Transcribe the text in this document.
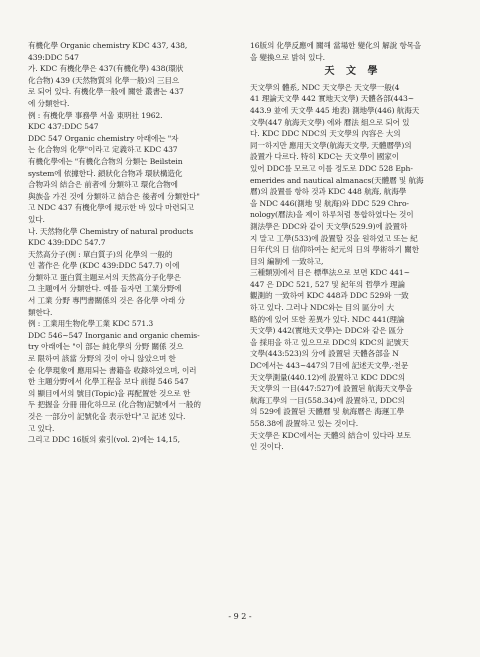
有機化學 Organic chemistry KDC 437, 438,
439:DDC 547
가. KDC 有機化學은 437(有機化學) 438(環狀
化合物) 439 (天然物質의 化學一般)의 三目으
로 되어 있다. 有機化學一般에 關한 叢書는 437
에 分類한다.
例 : 有機化學 事務學 서울 東明社 1962.
KDC 437:DDC 547
DDC 547 Organic chemistry 아래에는 "자
는 化合物의 化學"이라고 定義하고 KDC 437
有機化學에는 "有機化合物의 分類는 Beilstein
system에 依據한다. 鎖狀化合物과 環狀構造化
合物과의 結合은 前者에 分類하고 環化合物에
與族을 가진 것에 分類하고 結合은 後者에 分類한다"
고 NDC 437 有機化學에 規示한 바 있다 마련되고
있다.
나. 天然物化學 Chemistry of natural products
KDC 439:DDC 547.7
天然高分子(例 : 單白質子)의 化學의 一般的
인 著作은 化學 (KDC 439:DDC 547.7) 이에
分類하고 蛋白質主題로서의 天然高分子化學은
그 主題에서 分類한다. 예를 들자면 工業分野에
서 工業 分野 專門書關係의 것은 各化學 아래 分
類한다.
例 : 工業用生物化學工業 KDC 571.3
DDC 546~547 Inorganic and organic chemis-
try 아래에는 "이 部는 純化學의 分野 關係 것으
로 限하여 該當 分野의 것이 아니 않았으며 한
순 化學現象에 應用되는 書籍을 收錄하였으며, 이러
한 主題分野에서 化學工程을 보다 前提 546 547
의 顯目에서의 號目(Topic)을 再配置한 것으로 한
두 把握을 分冊 冊化하므로 (化合物)記號에서 一般的
것은 一部分이 記號化을 表示한다"고 記述 있다.
고 있다.
그리고 DDC 16版의 索引(vol. 2)에는 14,15,
16版의 化學反應에 關해 當場한 變化의 解說 항목을
을 變換으로 밝혀 있다.
天 文 學
天文學의 體系, NDC 天文學은 天文學一般(4
41 理論天文學 442 實地天文學) 天體各部(443~
443.9 並에 天文學 445 地表) 測地學(446) 航海天
文學(447 航海天文學) 에와 曆法 組으로 되어 있
다. KDC DDC NDC의 天文學의 內容은 大의
同一하지만 應用天文學(航海天文學, 天體曆學)의
設置가 다르다. 特히 KDC는 天文學이 國家이
있어 DDC를 모르고 이를 정도로 DDC 528 Eph-
emerides and nautical almanacs(天體曆 및 航海
曆)의 設置를 항하 것과 KDC 448 航海, 航海學
을 NDC 446(測地 및 航海)와 DDC 529 Chro-
nology(曆法)을 제이 하루처럼 통합하였다는 것이
測法學은 DDC와 같이 天文學(529.9)에 設置하
지 말고 工學(533)에 設置할 것을 원하였고 또는 紀
日年代의 日 信仰하여는 紀元의 日의 學術하기 關한
目의 編制에 一致하고,
三種類別에서 目은 標準法으로 보면 KDC 441~
447 은 DDC 521, 527 및 紀年의 哲學가 理論
觀測的 一致하여 KDC 448과 DDC 529와 一致
하고 있다. 그러나 NDC와는 目의 區分이 大
略的에 있어 또한 差異가 있다. NDC 441(理論
天文學) 442(實地天文學)는 DDC와 같은 區分
을 採用을 하고 있으므로 DDC의 KDC의 記號天
文學(443:523)의 分에 設置된 天體各部을 N
DC에서는 443~447의 7目에 記述天文學,·천문
天文學測量(440.12)에 設置하고 KDC DDC의
天文學의 一目(447:527)에 設置된 航海天文學을
航海工學의 一目(558.34)에 設置하고, DDC의
의 529에 設置된 天體曆 및 航海曆은 海運工學
558.38에 設置하고 있는 것이다.
天文學은 KDC에서는 天體의 結合이 있다라 보토
인 것이다.
- 9 2 -
